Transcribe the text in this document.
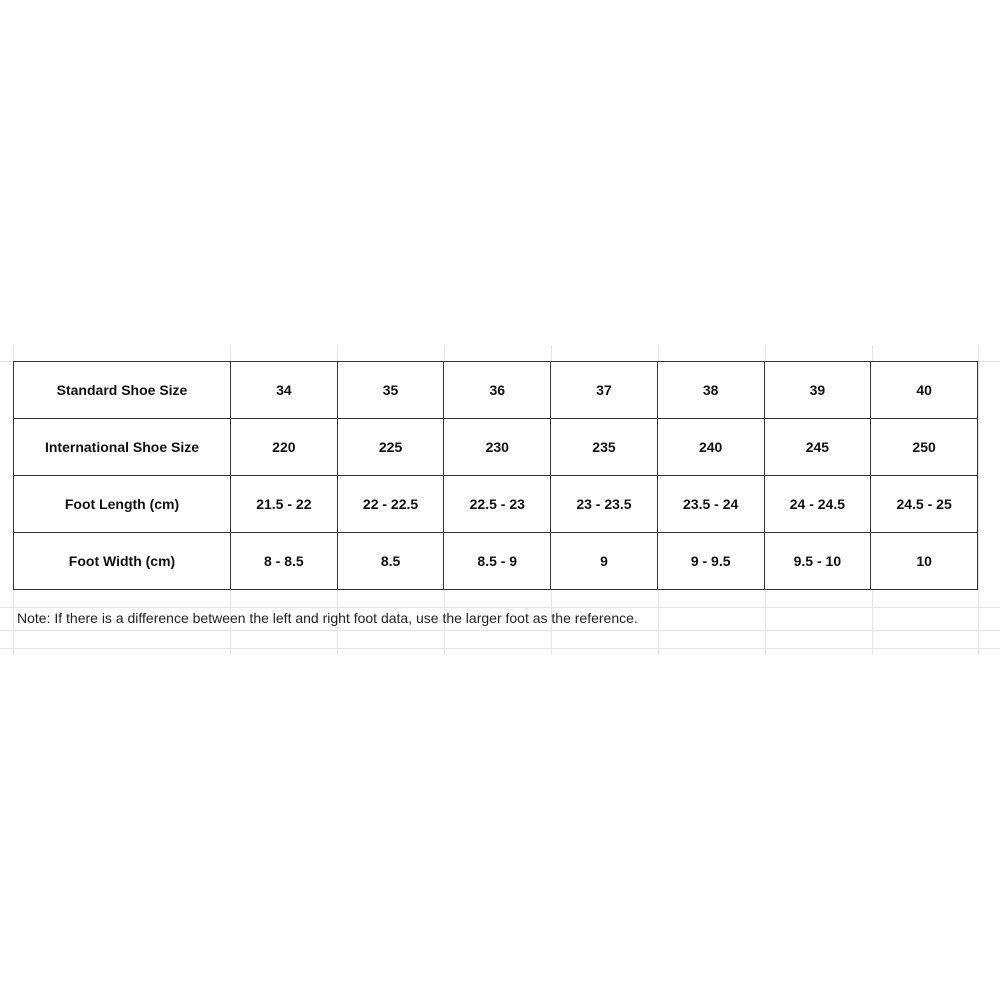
Standard Shoe Size	34	35	36	37	38	39	40
International Shoe Size	220	225	230	235	240	245	250
Foot Length (cm)	21.5 - 22	22 - 22.5	22.5 - 23	23 - 23.5	23.5 - 24	24 - 24.5	24.5 - 25
Foot Width (cm)	8 - 8.5	8.5	8.5 - 9	9	9 - 9.5	9.5 - 10	10
Note: If there is a difference between the left and right foot data, use the larger foot as the reference.
